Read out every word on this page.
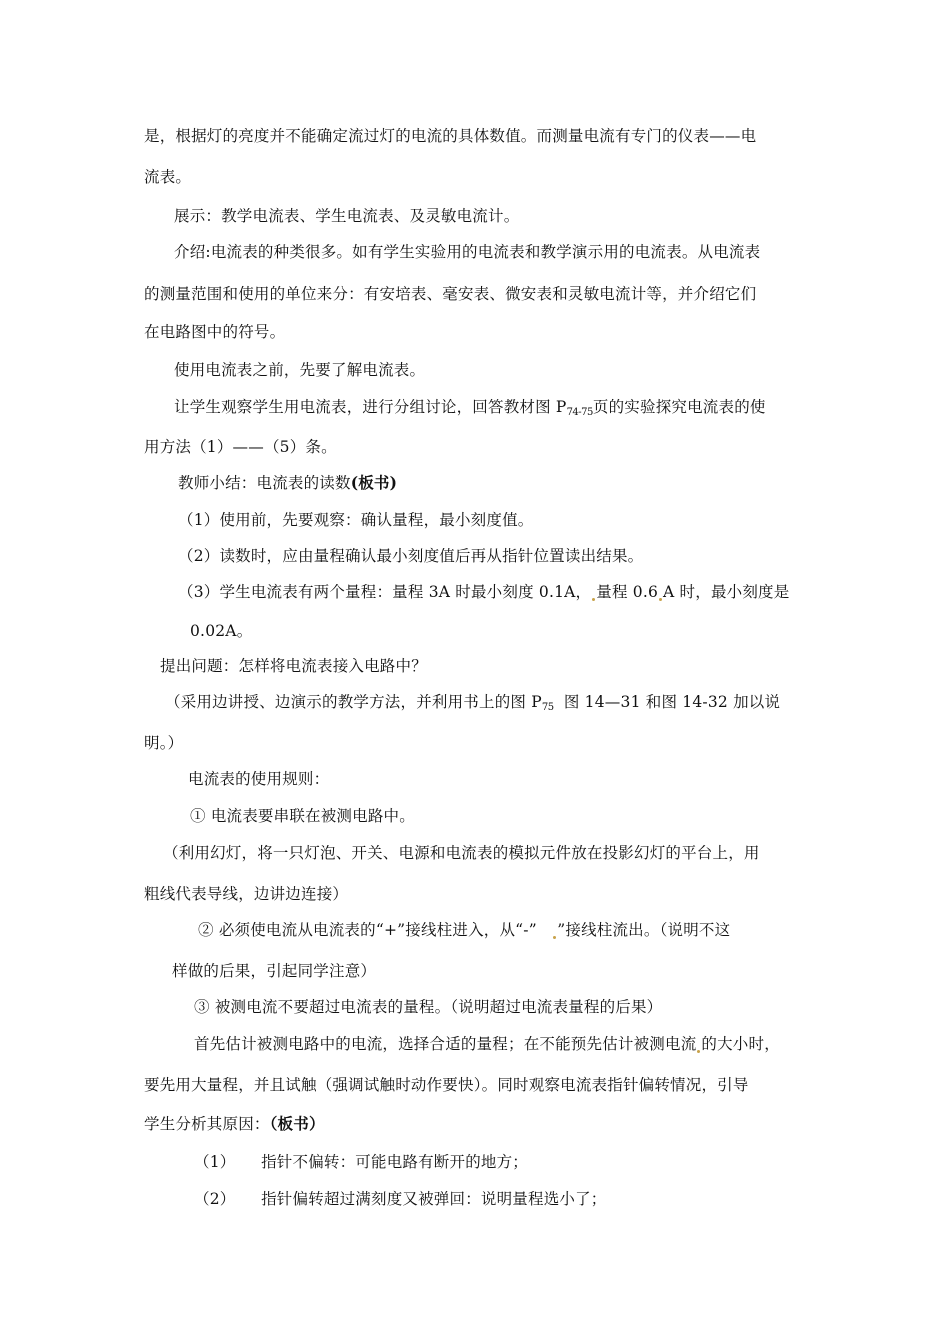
是，根据灯的亮度并不能确定流过灯的电流的具体数值。而测量电流有专门的仪表——电
流表。
展示：教学电流表、学生电流表、及灵敏电流计。
介绍:电流表的种类很多。如有学生实验用的电流表和教学演示用的电流表。从电流表
的测量范围和使用的单位来分：有安培表、毫安表、微安表和灵敏电流计等，并介绍它们
在电路图中的符号。
使用电流表之前，先要了解电流表。
让学生观察学生用电流表，进行分组讨论，回答教材图 $P_{74-75}$页的实验探究电流表的使
用方法（1）——（5）条。
教师小结：电流表的读数(板书)
（1）使用前，先要观察：确认量程，最小刻度值。
（2）读数时，应由量程确认最小刻度值后再从指针位置读出结果。
（3）学生电流表有两个量程：量程 3A 时最小刻度 0.1A， 量程 0.6 A 时，最小刻度是
0.02A。
提出问题：怎样将电流表接入电路中？
（采用边讲授、边演示的教学方法，并利用书上的图 $P_{75}$ 图 14—31 和图 14-32 加以说
明。）
电流表的使用规则：
① 电流表要串联在被测电路中。
（利用幻灯，将一只灯泡、开关、电源和电流表的模拟元件放在投影幻灯的平台上，用
粗线代表导线，边讲边连接）
② 必须使电流从电流表的“+”接线柱进入，从“-” ”接线柱流出。（说明不这
样做的后果，引起同学注意）
③ 被测电流不要超过电流表的量程。（说明超过电流表量程的后果）
首先估计被测电路中的电流，选择合适的量程；在不能预先估计被测电流 的大小时，
要先用大量程，并且试触（强调试触时动作要快）。同时观察电流表指针偏转情况，引导
学生分析其原因：（板书）
（1） 指针不偏转：可能电路有断开的地方；
（2） 指针偏转超过满刻度又被弹回：说明量程选小了；
